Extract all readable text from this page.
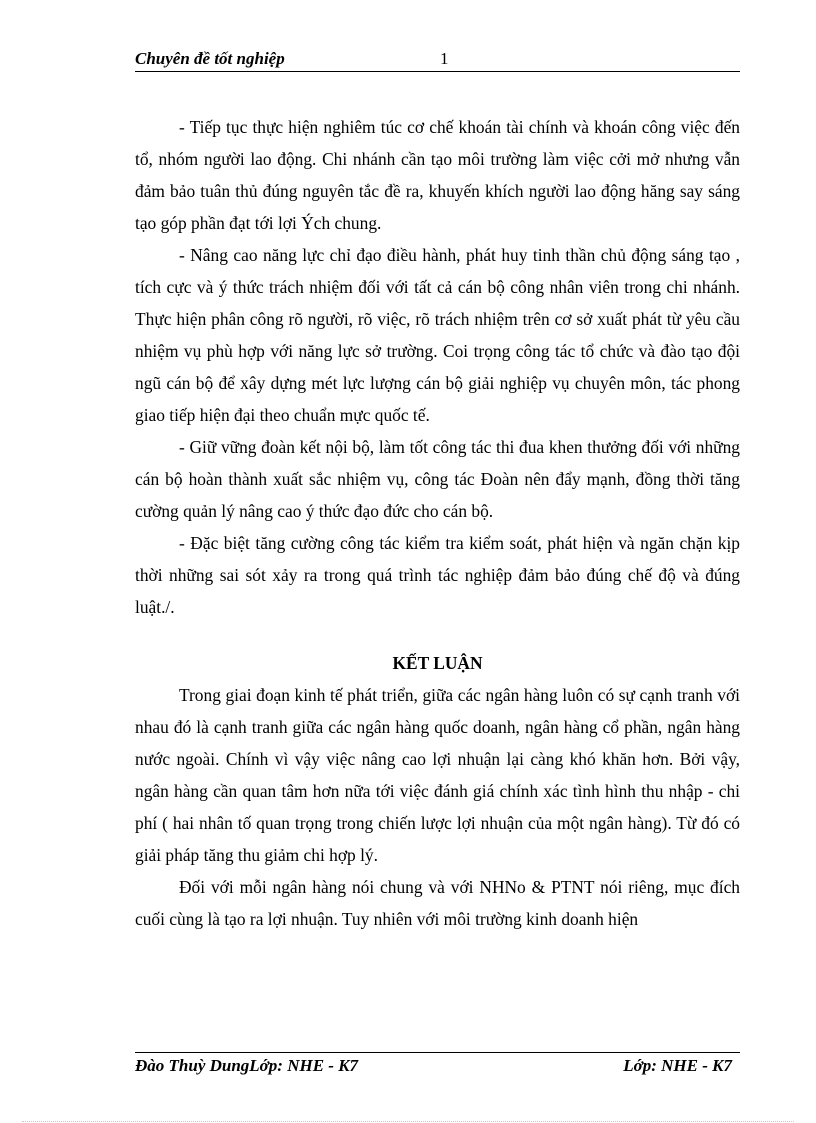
Chuyên đề tốt nghiệp	1

- Tiếp tục thực hiện nghiêm túc cơ chế khoán tài chính và khoán công việc đến tổ, nhóm người lao động. Chi nhánh cần tạo môi trường làm việc cởi mở nhưng vẫn đảm bảo tuân thủ đúng nguyên tắc đề ra, khuyến khích người lao động hăng say sáng tạo góp phần đạt tới lợi Ých chung.

- Nâng cao năng lực chỉ đạo điều hành, phát huy tinh thần chủ động sáng tạo , tích cực và ý thức trách nhiệm đối với tất cả cán bộ công nhân viên trong chi nhánh. Thực hiện phân công rõ người, rõ việc, rõ trách nhiệm trên cơ sở xuất phát từ yêu cầu nhiệm vụ phù hợp với năng lực sở trường. Coi trọng công tác tổ chức và đào tạo đội ngũ cán bộ để xây dựng mét lực lượng cán bộ giải nghiệp vụ chuyên môn, tác phong giao tiếp hiện đại theo chuẩn mực quốc tế.

- Giữ vững đoàn kết nội bộ, làm tốt công tác thi đua khen thưởng đối với những cán bộ hoàn thành xuất sắc nhiệm vụ, công tác Đoàn nên đẩy mạnh, đồng thời tăng cường quản lý nâng cao ý thức đạo đức cho cán bộ.

- Đặc biệt tăng cường công tác kiểm tra kiểm soát, phát hiện và ngăn chặn kịp thời những sai sót xảy ra trong quá trình tác nghiệp đảm bảo đúng chế độ và đúng luật./.

KẾT LUẬN

Trong giai đoạn kinh tế phát triển, giữa các ngân hàng luôn có sự cạnh tranh với nhau đó là cạnh tranh giữa các ngân hàng quốc doanh, ngân hàng cổ phần, ngân hàng nước ngoài. Chính vì vậy việc nâng cao lợi nhuận lại càng khó khăn hơn. Bởi vậy, ngân hàng cần quan tâm hơn nữa tới việc đánh giá chính xác tình hình thu nhập - chi phí ( hai nhân tố quan trọng trong chiến lược lợi nhuận của một ngân hàng). Từ đó có giải pháp tăng thu giảm chi hợp lý.

Đối với mỗi ngân hàng nói chung và với NHNo & PTNT nói riêng, mục đích cuối cùng là tạo ra lợi nhuận. Tuy nhiên với môi trường kinh doanh hiện

Đào Thuỳ DungLớp: NHE - K7	Lớp: NHE - K7
